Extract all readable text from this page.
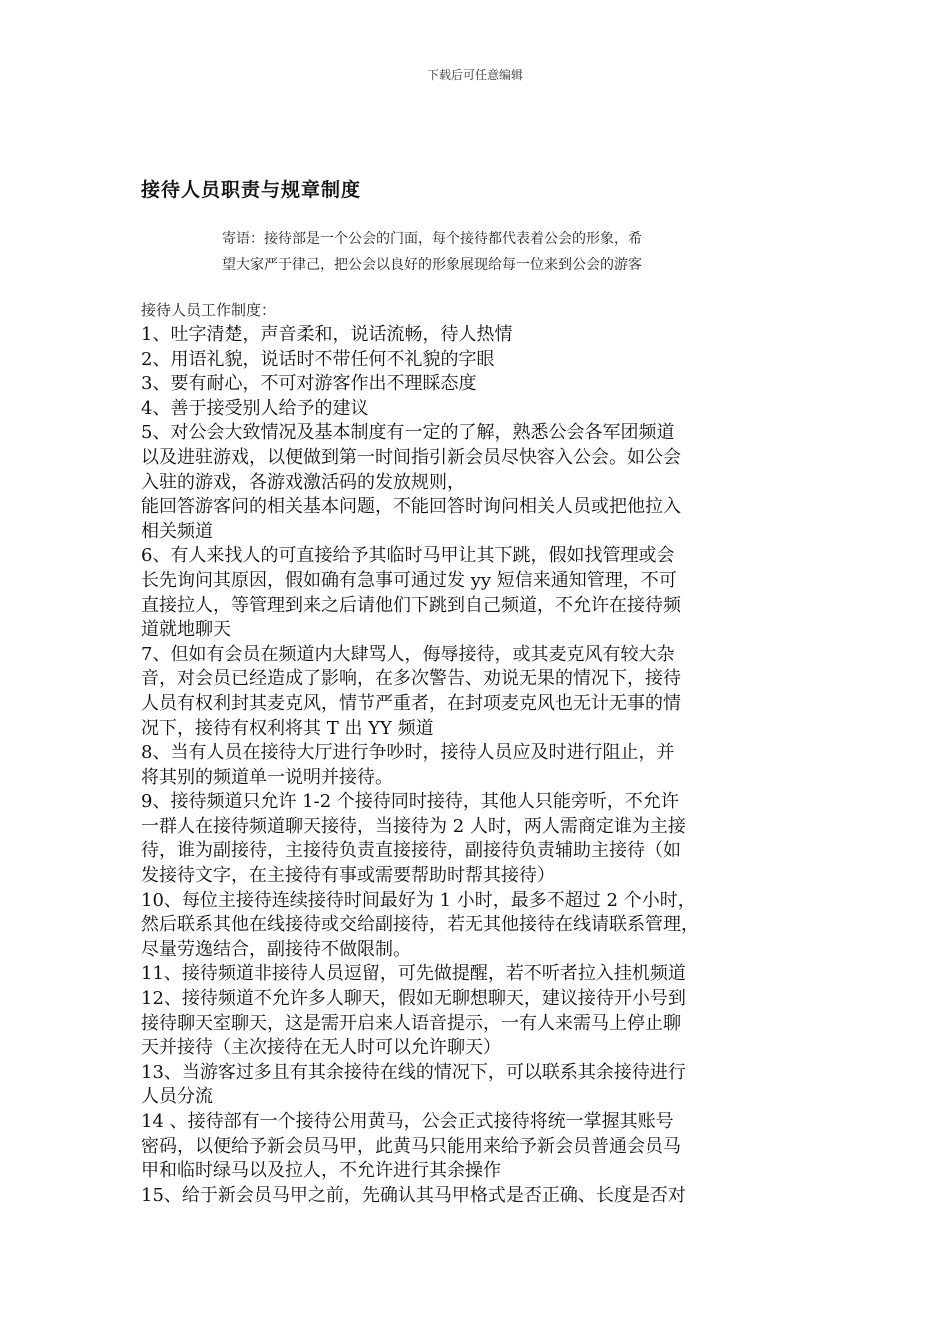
下载后可任意编辑
接待人员职责与规章制度
寄语：接待部是一个公会的门面，每个接待都代表着公会的形象，希
望大家严于律己，把公会以良好的形象展现给每一位来到公会的游客
接待人员工作制度：
1、吐字清楚，声音柔和，说话流畅，待人热情
2、用语礼貌，说话时不带任何不礼貌的字眼
3、要有耐心，不可对游客作出不理睬态度
4、善于接受别人给予的建议
5、对公会大致情况及基本制度有一定的了解，熟悉公会各军团频道
以及进驻游戏，以便做到第一时间指引新会员尽快容入公会。如公会
入驻的游戏，各游戏激活码的发放规则，
能回答游客问的相关基本问题，不能回答时询问相关人员或把他拉入
相关频道
6、有人来找人的可直接给予其临时马甲让其下跳，假如找管理或会
长先询问其原因，假如确有急事可通过发 yy 短信来通知管理，不可
直接拉人，等管理到来之后请他们下跳到自己频道，不允许在接待频
道就地聊天
7、但如有会员在频道内大肆骂人，侮辱接待，或其麦克风有较大杂
音，对会员已经造成了影响，在多次警告、劝说无果的情况下，接待
人员有权利封其麦克风，情节严重者，在封项麦克风也无计无事的情
况下，接待有权利将其 T 出 YY 频道
8、当有人员在接待大厅进行争吵时，接待人员应及时进行阻止，并
将其别的频道单一说明并接待。
9、接待频道只允许 1-2 个接待同时接待，其他人只能旁听，不允许
一群人在接待频道聊天接待，当接待为 2 人时，两人需商定谁为主接
待，谁为副接待，主接待负责直接接待，副接待负责辅助主接待（如
发接待文字，在主接待有事或需要帮助时帮其接待）
10、每位主接待连续接待时间最好为 1 小时，最多不超过 2 个小时，
然后联系其他在线接待或交给副接待，若无其他接待在线请联系管理，
尽量劳逸结合，副接待不做限制。
11、接待频道非接待人员逗留，可先做提醒，若不听者拉入挂机频道
12、接待频道不允许多人聊天，假如无聊想聊天，建议接待开小号到
接待聊天室聊天，这是需开启来人语音提示，一有人来需马上停止聊
天并接待（主次接待在无人时可以允许聊天）
13、当游客过多且有其余接待在线的情况下，可以联系其余接待进行
人员分流
14 、接待部有一个接待公用黄马，公会正式接待将统一掌握其账号
密码，以便给予新会员马甲，此黄马只能用来给予新会员普通会员马
甲和临时绿马以及拉人，不允许进行其余操作
15、给于新会员马甲之前，先确认其马甲格式是否正确、长度是否对
